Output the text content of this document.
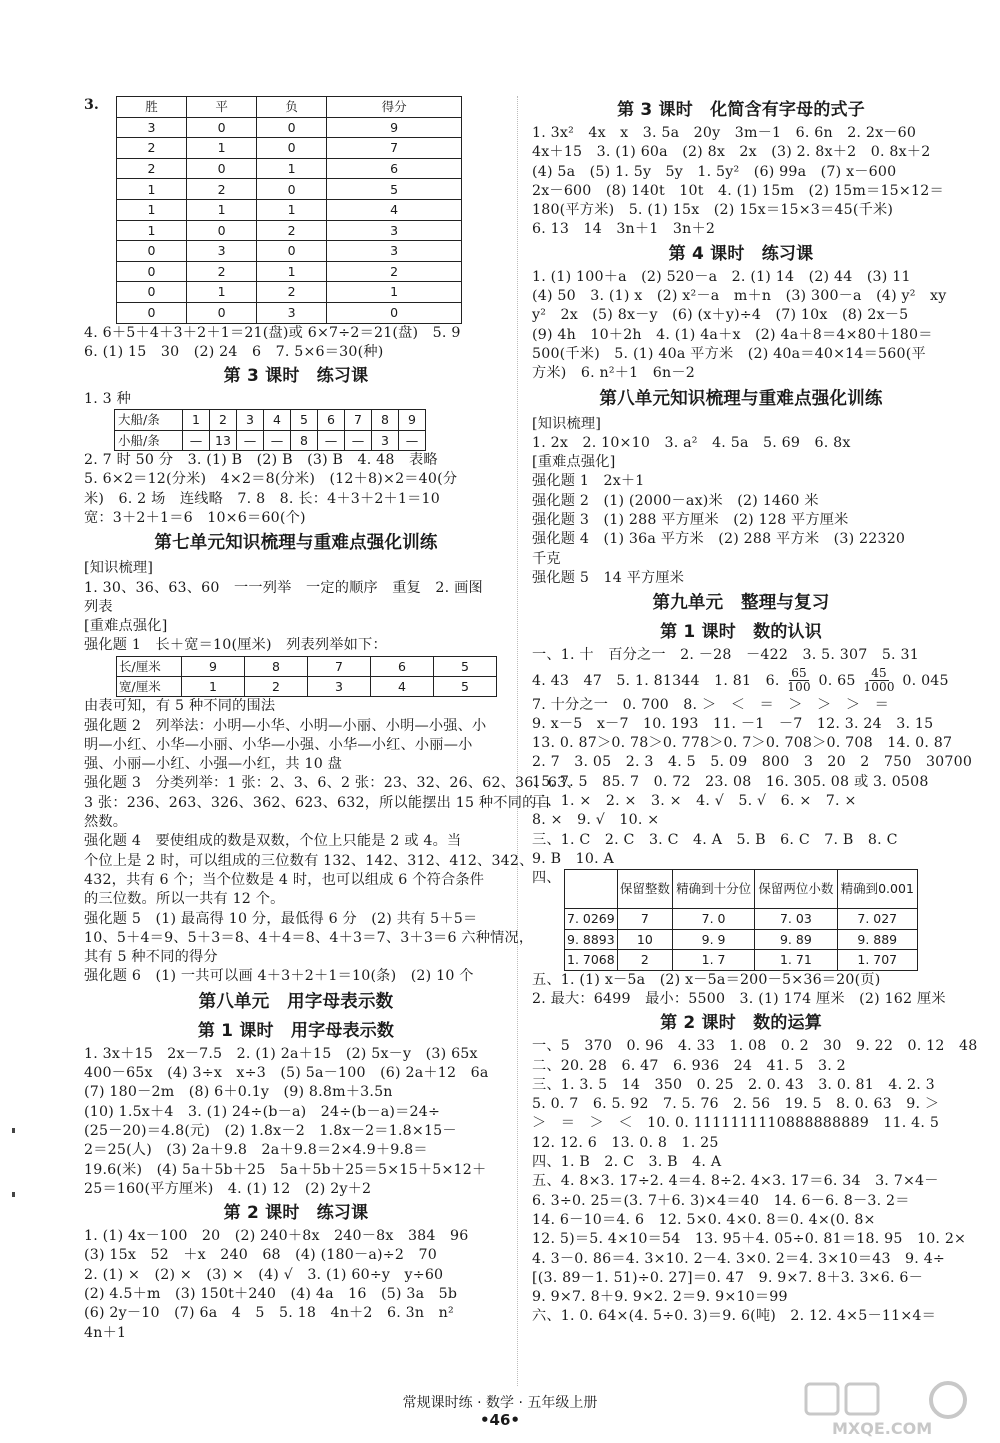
3.	胜	平	负	得分
3	0	0	9
2	1	0	7
2	0	1	6
1	2	0	5
1	1	1	4
1	0	2	3
0	3	0	3
0	2	1	2
0	1	2	1
0	0	3	0

4. 6＋5＋4＋3＋2＋1＝21(盘)或 6×7÷2＝21(盘)　5. 9

6. (1) 15　30　(2) 24　6　7. 5×6＝30(种)

第 3 课时　练习课

1. 3 种

大船/条	1	2	3	4	5	6	7	8	9
小船/条	—	13	—	—	8	—	—	3	—

2. 7 时 50 分　3. (1) B　(2) B　(3) B　4. 48　表略

5. 6×2＝12(分米)　4×2＝8(分米)　(12＋8)×2＝40(分

米)　6. 2 场　连线略　7. 8　8. 长：4＋3＋2＋1＝10

宽：3＋2＋1＝6　10×6＝60(个)

第七单元知识梳理与重难点强化训练

[知识梳理]

1. 30、36、63、60　一一列举　一定的顺序　重复　2. 画图

列表

[重难点强化]

强化题 1　长＋宽＝10(厘米)　列表列举如下：

长/厘米	9	8	7	6	5
宽/厘米	1	2	3	4	5

由表可知，有 5 种不同的围法

强化题 2　列举法：小明—小华、小明—小丽、小明—小强、小

明—小红、小华—小丽、小华—小强、小华—小红、小丽—小

强、小丽—小红、小强—小红，共 10 盘

强化题 3　分类列举：1 张：2、3、6、2 张：23、32、26、62、36、63、

3 张：236、263、326、362、623、632，所以能摆出 15 种不同的自

然数。

强化题 4　要使组成的数是双数，个位上只能是 2 或 4。当

个位上是 2 时，可以组成的三位数有 132、142、312、412、342、

432，共有 6 个；当个位数是 4 时，也可以组成 6 个符合条件

的三位数。所以一共有 12 个。

强化题 5　(1) 最高得 10 分，最低得 6 分　(2) 共有 5＋5＝

10、5＋4＝9、5＋3＝8、4＋4＝8、4＋3＝7、3＋3＝6 六种情况，

其有 5 种不同的得分

强化题 6　(1) 一共可以画 4＋3＋2＋1＝10(条)　(2) 10 个

第八单元　用字母表示数

第 1 课时　用字母表示数

1. 3x＋15　2x－7.5　2. (1) 2a＋15　(2) 5x－y　(3) 65x

400－65x　(4) 3÷x　x÷3　(5) 5a－100　(6) 2a＋12　6a

(7) 180－2m　(8) 6＋0.1y　(9) 8.8m＋3.5n

(10) 1.5x＋4　3. (1) 24÷(b－a)　24÷(b－a)＝24÷

(25－20)＝4.8(元)　(2) 1.8x－2　1.8x－2＝1.8×15－

2＝25(人)　(3) 2a＋9.8　2a＋9.8＝2×4.9＋9.8＝

19.6(米)　(4) 5a＋5b＋25　5a＋5b＋25＝5×15＋5×12＋

25＝160(平方厘米)　4. (1) 12　(2) 2y＋2

第 2 课时　练习课

1. (1) 4x－100　20　(2) 240＋8x　240－8x　384　96

(3) 15x　52　＋x　240　68　(4) (180－a)÷2　70

2. (1) ×　(2) ×　(3) ×　(4) √　3. (1) 60÷y　y÷60

(2) 4.5＋m　(3) 150t＋240　(4) 4a　16　(5) 3a　5b

(6) 2y－10　(7) 6a　4　5　5. 18　4n＋2　6. 3n　n²

4n＋1

第 3 课时　化简含有字母的式子

1. 3x²　4x　x　3. 5a　20y　3m－1　6. 6n　2. 2x－60

4x＋15　3. (1) 60a　(2) 8x　2x　(3) 2. 8x＋2　0. 8x＋2

(4) 5a　(5) 1. 5y　5y　1. 5y²　(6) 99a　(7) x－600

2x－600　(8) 140t　10t　4. (1) 15m　(2) 15m＝15×12＝

180(平方米)　5. (1) 15x　(2) 15x＝15×3＝45(千米)

6. 13　14　3n＋1　3n＋2

第 4 课时　练习课

1. (1) 100＋a　(2) 520－a　2. (1) 14　(2) 44　(3) 11

(4) 50　3. (1) x　(2) x²－a　m＋n　(3) 300－a　(4) y²　xy

y²　2x　(5) 8x－y　(6) (x＋y)÷4　(7) 10x　(8) 2x－5

(9) 4h　10＋2h　4. (1) 4a＋x　(2) 4a＋8＝4×80＋180＝

500(千米)　5. (1) 40a 平方米　(2) 40a＝40×14＝560(平

方米)　6. n²＋1　6n－2

第八单元知识梳理与重难点强化训练

[知识梳理]

1. 2x　2. 10×10　3. a²　4. 5a　5. 69　6. 8x

[重难点强化]

强化题 1　2x＋1

强化题 2　(1) (2000－ax)米　(2) 1460 米

强化题 3　(1) 288 平方厘米　(2) 128 平方厘米

强化题 4　(1) 36a 平方米　(2) 288 平方米　(3) 22320

千克

强化题 5　14 平方厘米

第九单元　整理与复习

第 1 课时　数的认识

一、1. 十　百分之一　2. －28　－422　3. 5. 307　5. 31

4. 43　47　5. 1. 81344　1. 81　6. $\frac{65}{100} 0$. $65 \frac{45}{1000} 0$. 045

7. 十分之一　0. 700　8. ＞　＜　＝　＞　＞　＞　＝

9. x－5　x－7　10. 193　11. －1　－7　12. 3. 24　3. 15

13. 0. 87＞0. 78＞0. 778＞0. 7＞0. 708＞0. 708　14. 0. 87

2. 7　3. 05　2. 3　4. 5　5. 09　800　3　20　2　750　30700

15. 7. 5　85. 7　0. 72　23. 08　16. 305. 08 或 3. 0508

二、1. ×　2. ×　3. ×　4. √　5. √　6. ×　7. ×

8. ×　9. √　10. ×

三、1. C　2. C　3. C　4. A　5. B　6. C　7. B　8. C

9. B　10. A

四、
	保留整数	精确到十分位	保留两位小数	精确到0.001
7. 0269	7	7. 0	7. 03	7. 027
9. 8893	10	9. 9	9. 89	9. 889
1. 7068	2	1. 7	1. 71	1. 707

五、1. (1) x－5a　(2) x－5a＝200－5×36＝20(页)

2. 最大：6499　最小：5500　3. (1) 174 厘米　(2) 162 厘米

第 2 课时　数的运算

一、5　370　0. 96　4. 33　1. 08　0. 2　30　9. 22　0. 12　48

二、20. 28　6. 47　6. 936　24　41. 5　3. 2

三、1. 3. 5　14　350　0. 25　2. 0. 43　3. 0. 81　4. 2. 3

5. 0. 7　6. 5. 92　7. 5. 76　2. 56　19. 5　8. 0. 63　9. ＞

＞　＝　＞　＜　10. 0. 1111111110888888889　11. 4. 5

12. 12. 6　13. 0. 8　1. 25

四、1. B　2. C　3. B　4. A

五、4. 8×3. 17÷2. 4＝4. 8÷2. 4×3. 17＝6. 34　3. 7×4－

6. 3÷0. 25＝(3. 7＋6. 3)×4＝40　14. 6－6. 8－3. 2＝

14. 6－10＝4. 6　12. 5×0. 4×0. 8＝0. 4×(0. 8×

12. 5)＝5. 4×10＝54　13. 95＋4. 05÷0. 81＝18. 95　10. 2×

4. 3－0. 86＝4. 3×10. 2－4. 3×0. 2＝4. 3×10＝43　9. 4÷

[(3. 89－1. 51)÷0. 27]＝0. 47　9. 9×7. 8＋3. 3×6. 6－

9. 9×7. 8＋9. 9×2. 2＝9. 9×10＝99

六、1. 0. 64×(4. 5÷0. 3)＝9. 6(吨)　2. 12. 4×5－11×4＝

常规课时练 · 数学 · 五年级上册
•46•	MXQE.COM
